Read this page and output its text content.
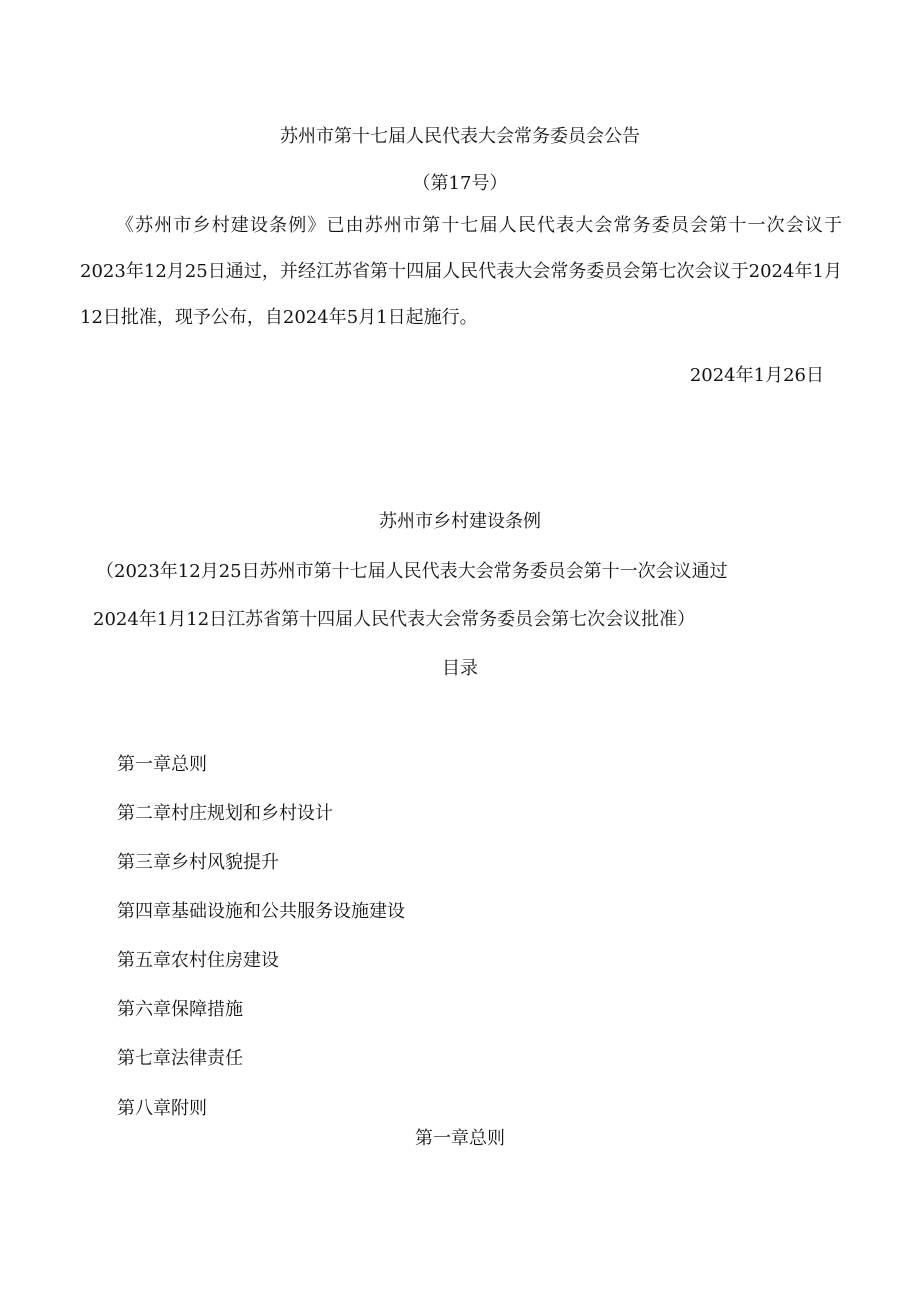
苏州市第十七届人民代表大会常务委员会公告
（第17号）
《苏州市乡村建设条例》已由苏州市第十七届人民代表大会常务委员会第十一次会议于2023年12月25日通过，并经江苏省第十四届人民代表大会常务委员会第七次会议于2024年1月12日批准，现予公布，自2024年5月1日起施行。
2024年1月26日
苏州市乡村建设条例
（2023年12月25日苏州市第十七届人民代表大会常务委员会第十一次会议通过
2024年1月12日江苏省第十四届人民代表大会常务委员会第七次会议批准）
目录
第一章总则
第二章村庄规划和乡村设计
第三章乡村风貌提升
第四章基础设施和公共服务设施建设
第五章农村住房建设
第六章保障措施
第七章法律责任
第八章附则
第一章总则
